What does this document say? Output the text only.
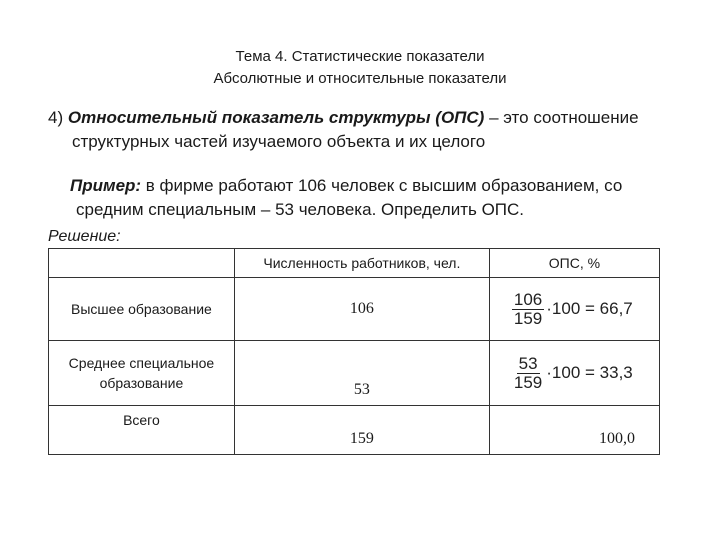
Тема 4. Статистические показатели
Абсолютные и относительные показатели
4) Относительный показатель структуры (ОПС) – это соотношение
структурных частей изучаемого объекта и их целого
Пример: в фирме работают 106 человек с высшим образованием, со
средним специальным – 53 человека. Определить ОПС.
Решение:
	Численность работников, чел.	ОПС, %
Высшее образование	106	$\frac{106}{159} \cdot 100 = 66,7$

Среднее специальное образование	53	$\frac{53}{159} \cdot 100 = 33,3$

Всего	159	100,0
